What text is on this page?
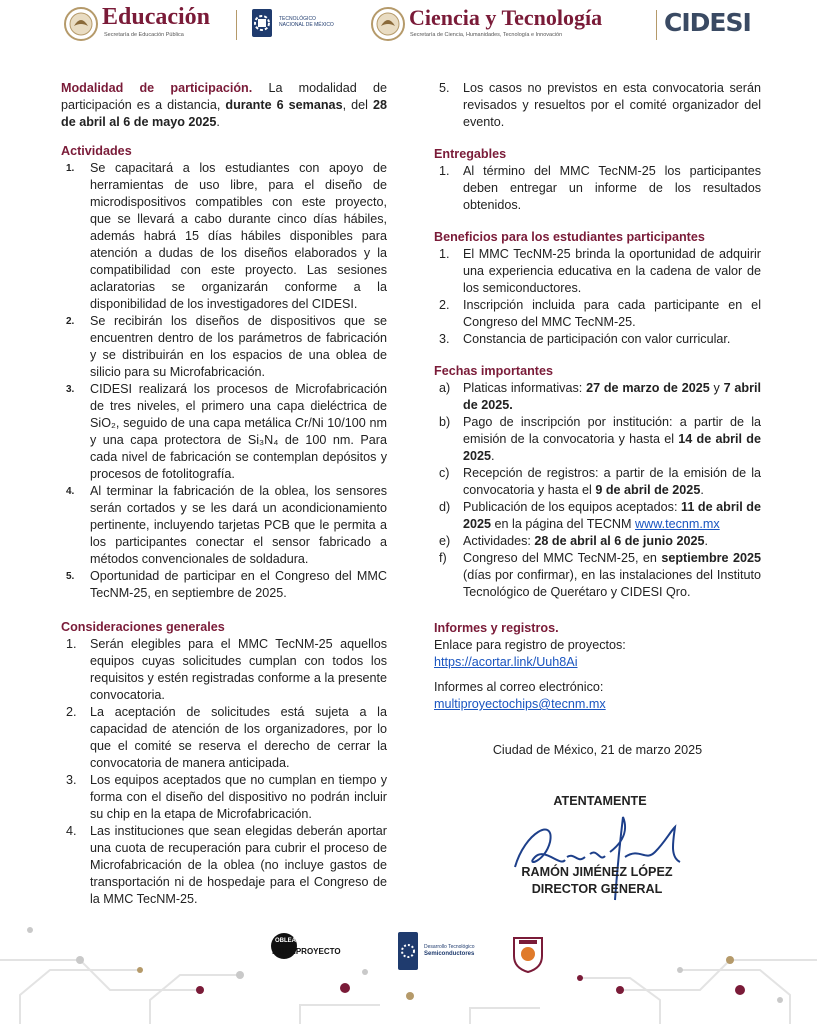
Educación
Secretaría de Educación Pública
TECNOLÓGICO
NACIONAL DE MÉXICO	Ciencia y Tecnología
Secretaría de Ciencia, Humanidades, Tecnología e Innovación	CIDESI

Modalidad de participación. La modalidad de participación es a distancia, durante 6 semanas, del 28 de abril al 6 de mayo 2025.

Actividades

1. Se capacitará a los estudiantes con apoyo de herramientas de uso libre, para el diseño de microdispositivos compatibles con este proyecto, que se llevará a cabo durante cinco días hábiles, además habrá 15 días hábiles disponibles para atención a dudas de los diseños elaborados y la compatibilidad con este proyecto. Las sesiones aclaratorias se organizarán conforme a la disponibilidad de los investigadores del CIDESI.
2. Se recibirán los diseños de dispositivos que se encuentren dentro de los parámetros de fabricación y se distribuirán en los espacios de una oblea de silicio para su Microfabricación.
3. CIDESI realizará los procesos de Microfabricación de tres niveles, el primero una capa dieléctrica de SiO₂, seguido de una capa metálica Cr/Ni 10/100 nm y una capa protectora de Si₃N₄ de 100 nm. Para cada nivel de fabricación se contemplan depósitos y procesos de fotolitografía.
4. Al terminar la fabricación de la oblea, los sensores serán cortados y se les dará un acondicionamiento pertinente, incluyendo tarjetas PCB que le permita a los participantes conectar el sensor fabricado a métodos convencionales de soldadura.
5. Oportunidad de participar en el Congreso del MMC TecNM-25, en septiembre de 2025.

Consideraciones generales

1. Serán elegibles para el MMC TecNM-25 aquellos equipos cuyas solicitudes cumplan con todos los requisitos y estén registradas conforme a la presente convocatoria.
2. La aceptación de solicitudes está sujeta a la capacidad de atención de los organizadores, por lo que el comité se reserva el derecho de cerrar la convocatoria de manera anticipada.
3. Los equipos aceptados que no cumplan en tiempo y forma con el diseño del dispositivo no podrán incluir su chip en la etapa de Microfabricación.
4. Las instituciones que sean elegidas deberán aportar una cuota de recuperación para cubrir el proceso de Microfabricación de la oblea (no incluye gastos de transportación ni de hospedaje para el Congreso de la MMC TecNM-25.
5. Los casos no previstos en esta convocatoria serán revisados y resueltos por el comité organizador del evento.

Entregables

1. Al término del MMC TecNM-25 los participantes deben entregar un informe de los resultados obtenidos.

Beneficios para los estudiantes participantes

1. El MMC TecNM-25 brinda la oportunidad de adquirir una experiencia educativa en la cadena de valor de los semiconductores.
2. Inscripción incluida para cada participante en el Congreso del MMC TecNM-25.
3. Constancia de participación con valor curricular.

Fechas importantes

a) Platicas informativas: 27 de marzo de 2025 y 7 abril de 2025.
b) Pago de inscripción por institución: a partir de la emisión de la convocatoria y hasta el 14 de abril de 2025.
c) Recepción de registros: a partir de la emisión de la convocatoria y hasta el 9 de abril de 2025.
d) Publicación de los equipos aceptados: 11 de abril de 2025 en la página del TECNM www.tecnm.mx
e) Actividades: 28 de abril al 6 de junio 2025.
f) Congreso del MMC TecNM-25, en septiembre 2025 (días por confirmar), en las instalaciones del Instituto Tecnológico de Querétaro y CIDESI Qro.

Informes y registros.

Enlace para registro de proyectos:

https://acortar.link/Uuh8Ai

Informes al correo electrónico:

multiproyectochips@tecnm.mx

Ciudad de México, 21 de marzo 2025

ATENTAMENTE
RAMÓN JIMÉNEZ LÓPEZ
DIRECTOR GENERAL
OBLEA
MULTIPROYECTO	Desarrollo Tecnológico
Semiconductores
